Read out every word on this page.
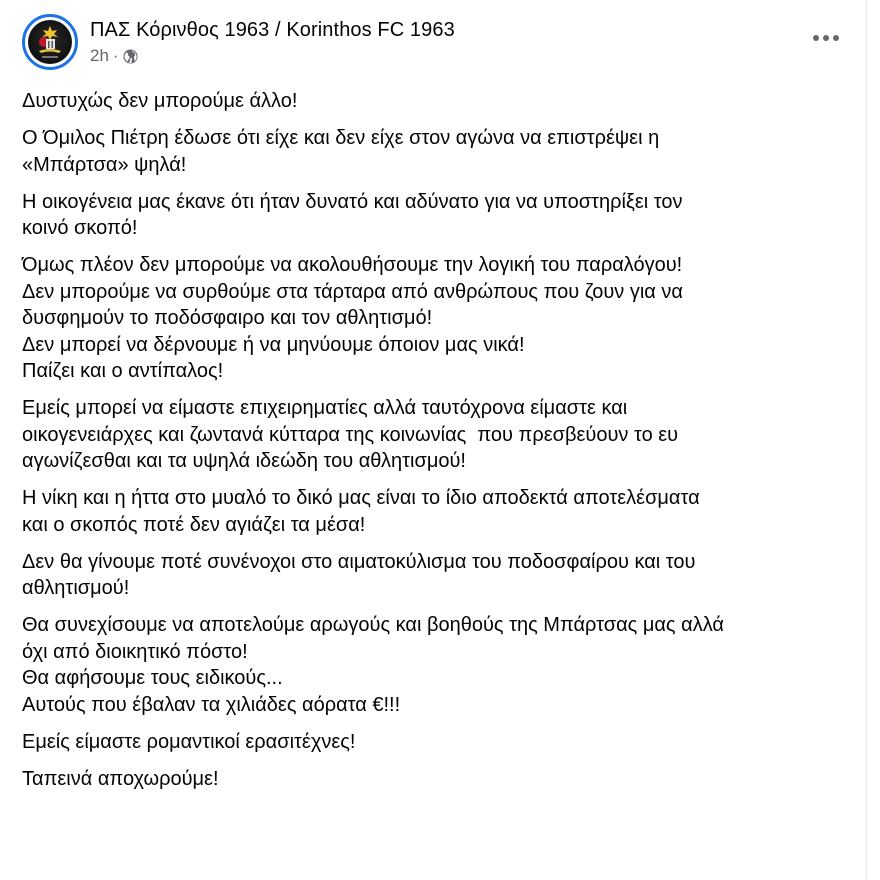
ΠΑΣ Κόρινθος 1963 / Korinthos FC 1963
2h ·
Δυστυχώς δεν μπορούμε άλλο!
Ο Όμιλος Πιέτρη έδωσε ότι είχε και δεν είχε στον αγώνα να επιστρέψει η
«Μπάρτσα» ψηλά!
Η οικογένεια μας έκανε ότι ήταν δυνατό και αδύνατο για να υποστηρίξει τον
κοινό σκοπό!
Όμως πλέον δεν μπορούμε να ακολουθήσουμε την λογική του παραλόγου!
Δεν μπορούμε να συρθούμε στα τάρταρα από ανθρώπους που ζουν για να
δυσφημούν το ποδόσφαιρο και τον αθλητισμό!
Δεν μπορεί να δέρνουμε ή να μηνύουμε όποιον μας νικά!
Παίζει και ο αντίπαλος!
Εμείς μπορεί να είμαστε επιχειρηματίες αλλά ταυτόχρονα είμαστε και
οικογενειάρχες και ζωντανά κύτταρα της κοινωνίας  που πρεσβεύουν το ευ
αγωνίζεσθαι και τα υψηλά ιδεώδη του αθλητισμού!
Η νίκη και η ήττα στο μυαλό το δικό μας είναι το ίδιο αποδεκτά αποτελέσματα
και ο σκοπός ποτέ δεν αγιάζει τα μέσα!
Δεν θα γίνουμε ποτέ συνένοχοι στο αιματοκύλισμα του ποδοσφαίρου και του
αθλητισμού!
Θα συνεχίσουμε να αποτελούμε αρωγούς και βοηθούς της Μπάρτσας μας αλλά
όχι από διοικητικό πόστο!
Θα αφήσουμε τους ειδικούς...
Αυτούς που έβαλαν τα χιλιάδες αόρατα €!!!
Εμείς είμαστε ρομαντικοί ερασιτέχνες!
Ταπεινά αποχωρούμε!
